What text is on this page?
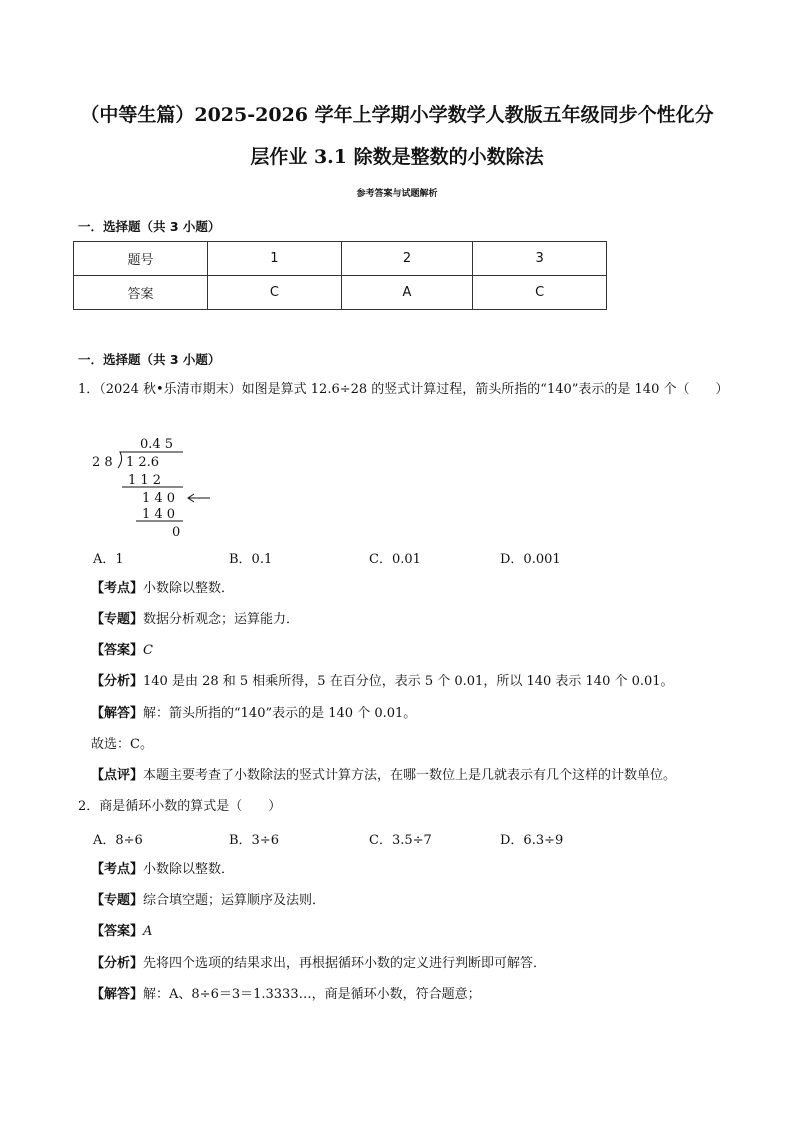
（中等生篇）2025-2026 学年上学期小学数学人教版五年级同步个性化分
层作业 3.1 除数是整数的小数除法
参考答案与试题解析
一．选择题（共 3 小题）
题号	1	2	3
答案	C	A	C
一．选择题（共 3 小题）
1．（2024 秋•乐清市期末）如图是算式 12.6÷28 的竖式计算过程，箭头所指的“140”表示的是 140 个（　　）
0.4 5
2 8 1 2.6
1 1 2
1 4 0
1 4 0
0
A．1	B．0.1	C．0.01	D．0.001
【考点】小数除以整数．
【专题】数据分析观念；运算能力．
【答案】C
【分析】140 是由 28 和 5 相乘所得，5 在百分位，表示 5 个 0.01，所以 140 表示 140 个 0.01。
【解答】解：箭头所指的“140”表示的是 140 个 0.01。
故选：C。
【点评】本题主要考查了小数除法的竖式计算方法，在哪一数位上是几就表示有几个这样的计数单位。
2．商是循环小数的算式是（　　）
A．8÷6	B．3÷6	C．3.5÷7	D．6.3÷9
【考点】小数除以整数．
【专题】综合填空题；运算顺序及法则．
【答案】A
【分析】先将四个选项的结果求出，再根据循环小数的定义进行判断即可解答．
【解答】解：A、8÷6＝3＝1.3333…，商是循环小数，符合题意；
